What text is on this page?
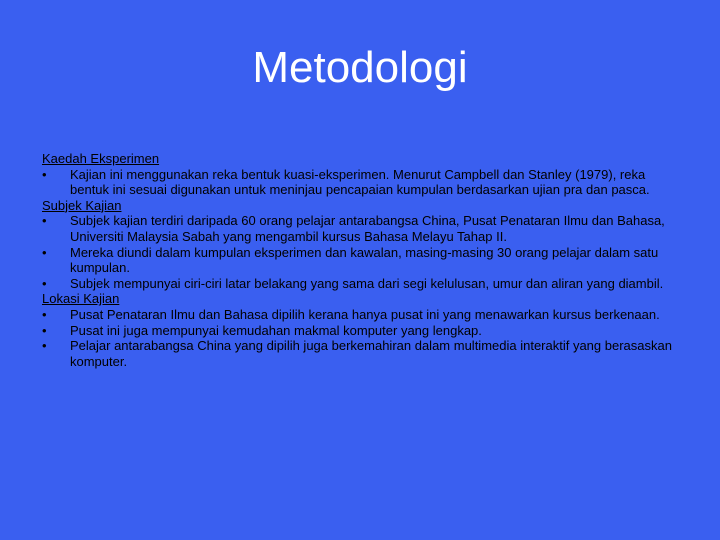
Metodologi
Kaedah Eksperimen
• Kajian ini menggunakan reka bentuk kuasi-eksperimen. Menurut Campbell dan Stanley (1979), reka bentuk ini sesuai digunakan untuk meninjau pencapaian kumpulan berdasarkan ujian pra dan pasca.
Subjek Kajian
• Subjek kajian terdiri daripada 60 orang pelajar antarabangsa China, Pusat Penataran Ilmu dan Bahasa, Universiti Malaysia Sabah yang mengambil kursus Bahasa Melayu Tahap II.
• Mereka diundi dalam kumpulan eksperimen dan kawalan, masing-masing 30 orang pelajar dalam satu kumpulan.
• Subjek mempunyai ciri-ciri latar belakang yang sama dari segi kelulusan, umur dan aliran yang diambil.
Lokasi Kajian
• Pusat Penataran Ilmu dan Bahasa dipilih kerana hanya pusat ini yang menawarkan kursus berkenaan.
• Pusat ini juga mempunyai kemudahan makmal komputer yang lengkap.
• Pelajar antarabangsa China yang dipilih juga berkemahiran dalam multimedia interaktif yang berasaskan komputer.
